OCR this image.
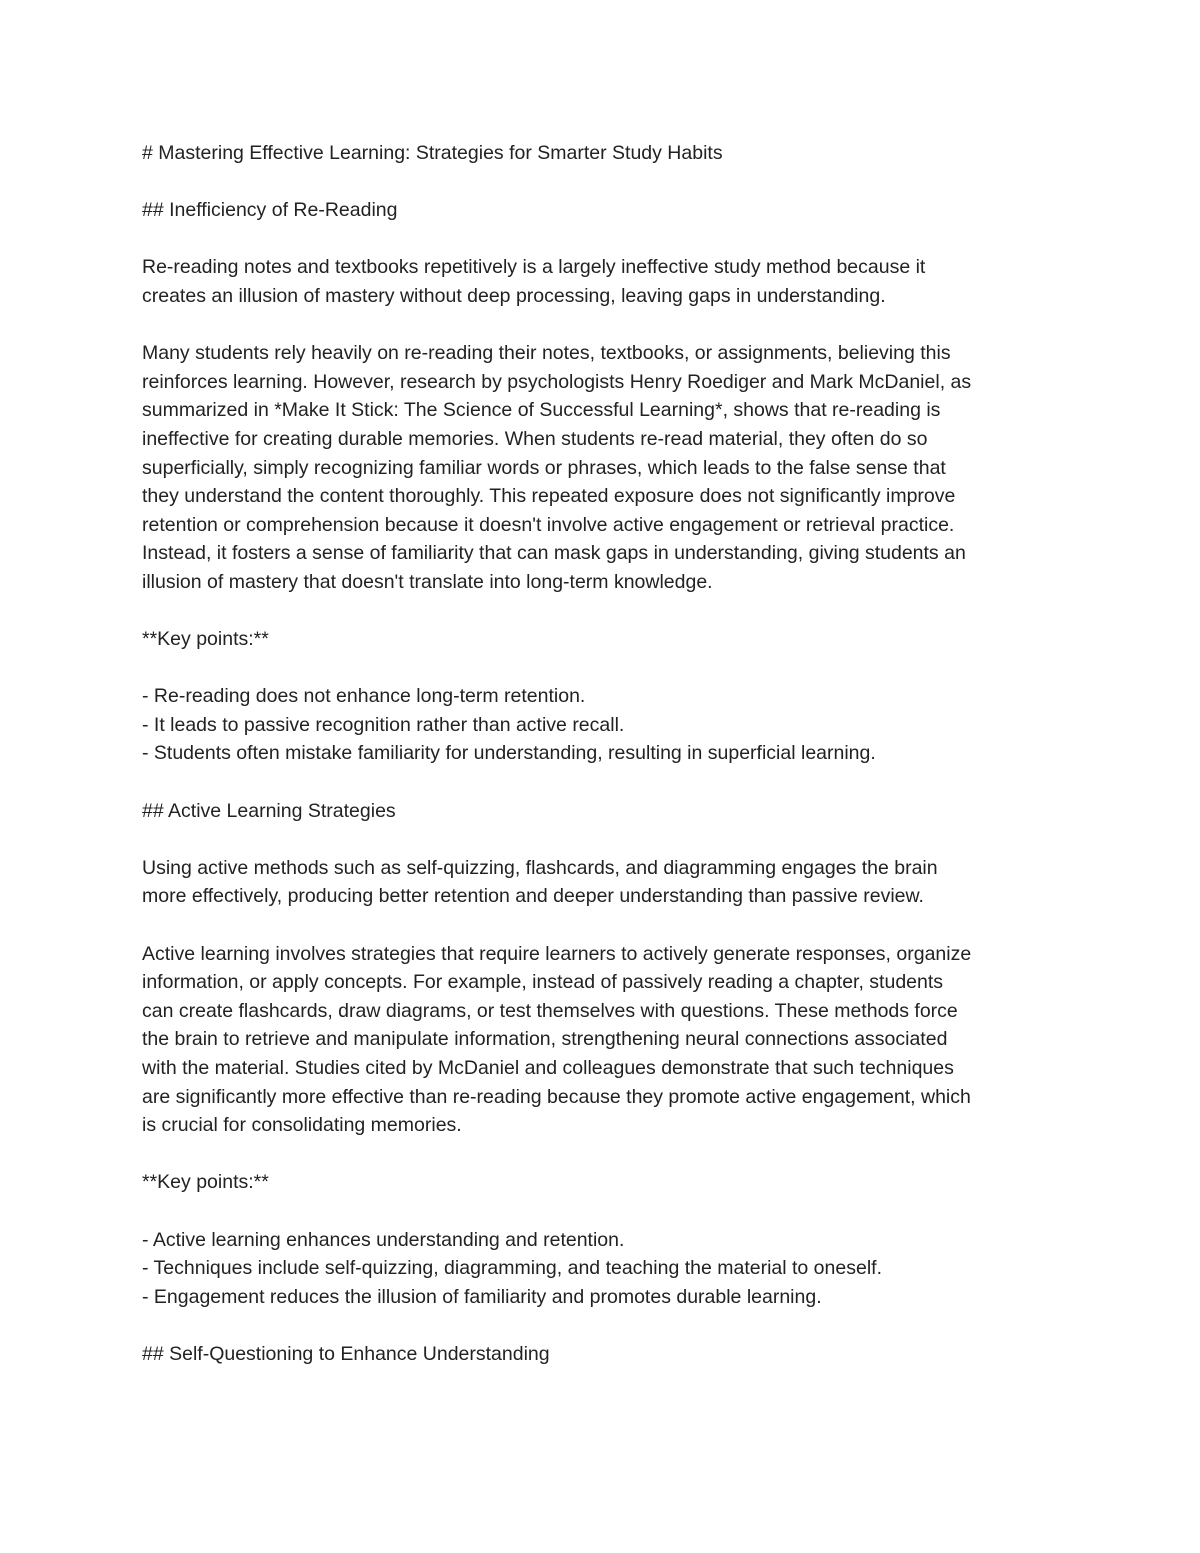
# Mastering Effective Learning: Strategies for Smarter Study Habits
## Inefficiency of Re-Reading
Re-reading notes and textbooks repetitively is a largely ineffective study method because it
creates an illusion of mastery without deep processing, leaving gaps in understanding.
Many students rely heavily on re-reading their notes, textbooks, or assignments, believing this
reinforces learning. However, research by psychologists Henry Roediger and Mark McDaniel, as
summarized in *Make It Stick: The Science of Successful Learning*, shows that re-reading is
ineffective for creating durable memories. When students re-read material, they often do so
superficially, simply recognizing familiar words or phrases, which leads to the false sense that
they understand the content thoroughly. This repeated exposure does not significantly improve
retention or comprehension because it doesn't involve active engagement or retrieval practice.
Instead, it fosters a sense of familiarity that can mask gaps in understanding, giving students an
illusion of mastery that doesn't translate into long-term knowledge.
**Key points:**
- Re-reading does not enhance long-term retention.
- It leads to passive recognition rather than active recall.
- Students often mistake familiarity for understanding, resulting in superficial learning.
## Active Learning Strategies
Using active methods such as self-quizzing, flashcards, and diagramming engages the brain
more effectively, producing better retention and deeper understanding than passive review.
Active learning involves strategies that require learners to actively generate responses, organize
information, or apply concepts. For example, instead of passively reading a chapter, students
can create flashcards, draw diagrams, or test themselves with questions. These methods force
the brain to retrieve and manipulate information, strengthening neural connections associated
with the material. Studies cited by McDaniel and colleagues demonstrate that such techniques
are significantly more effective than re-reading because they promote active engagement, which
is crucial for consolidating memories.
**Key points:**
- Active learning enhances understanding and retention.
- Techniques include self-quizzing, diagramming, and teaching the material to oneself.
- Engagement reduces the illusion of familiarity and promotes durable learning.
## Self-Questioning to Enhance Understanding
